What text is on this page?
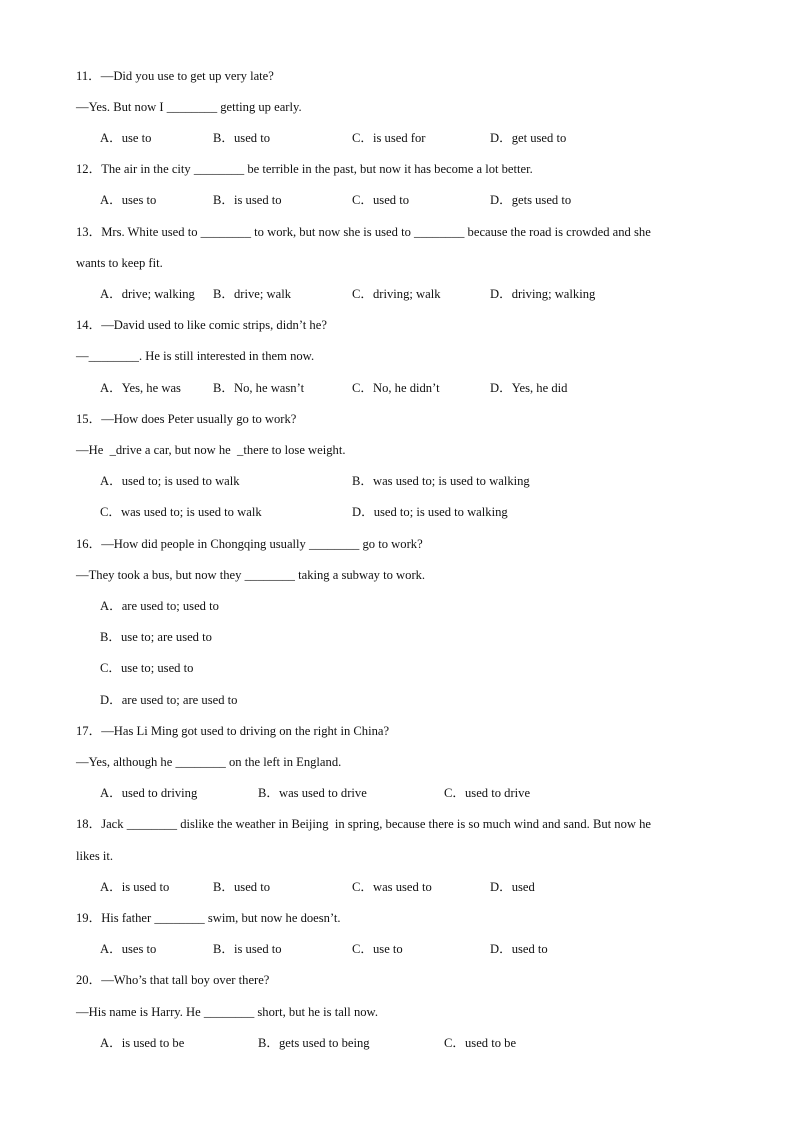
11．—Did you use to get up very late?
—Yes. But now I ________ getting up early.

A．use to

	B．used to

	C．is used for

	D．get used to

12．The air in the city ________ be terrible in the past, but now it has become a lot better.

A．uses to

	B．is used to

	C．used to

	D．gets used to

13．Mrs. White used to ________ to work, but now she is used to ________ because the road is crowded and she
wants to keep fit.

A．drive; walking

B．drive; walk

	C．driving; walk

	D．driving; walking

14．—David used to like comic strips, didn’t he?
—________. He is still interested in them now.

A．Yes, he was

	B．No, he wasn’t

	C．No, he didn’t

	D．Yes, he did

15．—How does Peter usually go to work?
—He  _drive a car, but now he  _there to lose weight.

A．used to; is used to walk

	B．was used to; is used to walking

C．was used to; is used to walk

	D．used to; is used to walking

16．—How did people in Chongqing usually ________ go to work?
—They took a bus, but now they ________ taking a subway to work.

A．are used to; used to

B．use to; are used to

C．use to; used to

D．are used to; are used to

17．—Has Li Ming got used to driving on the right in China?
—Yes, although he ________ on the left in England.

A．used to driving

	B．was used to drive

	C．used to drive

18．Jack ________ dislike the weather in Beijing  in spring, because there is so much wind and sand. But now he
likes it.

A．is used to

	B．used to

	C．was used to

	D．used

19．His father ________ swim, but now he doesn’t.

A．uses to

	B．is used to

	C．use to

	D．used to

20．—Who’s that tall boy over there?
—His name is Harry. He ________ short, but he is tall now.

A．is used to be

	B．gets used to being

	C．used to be
